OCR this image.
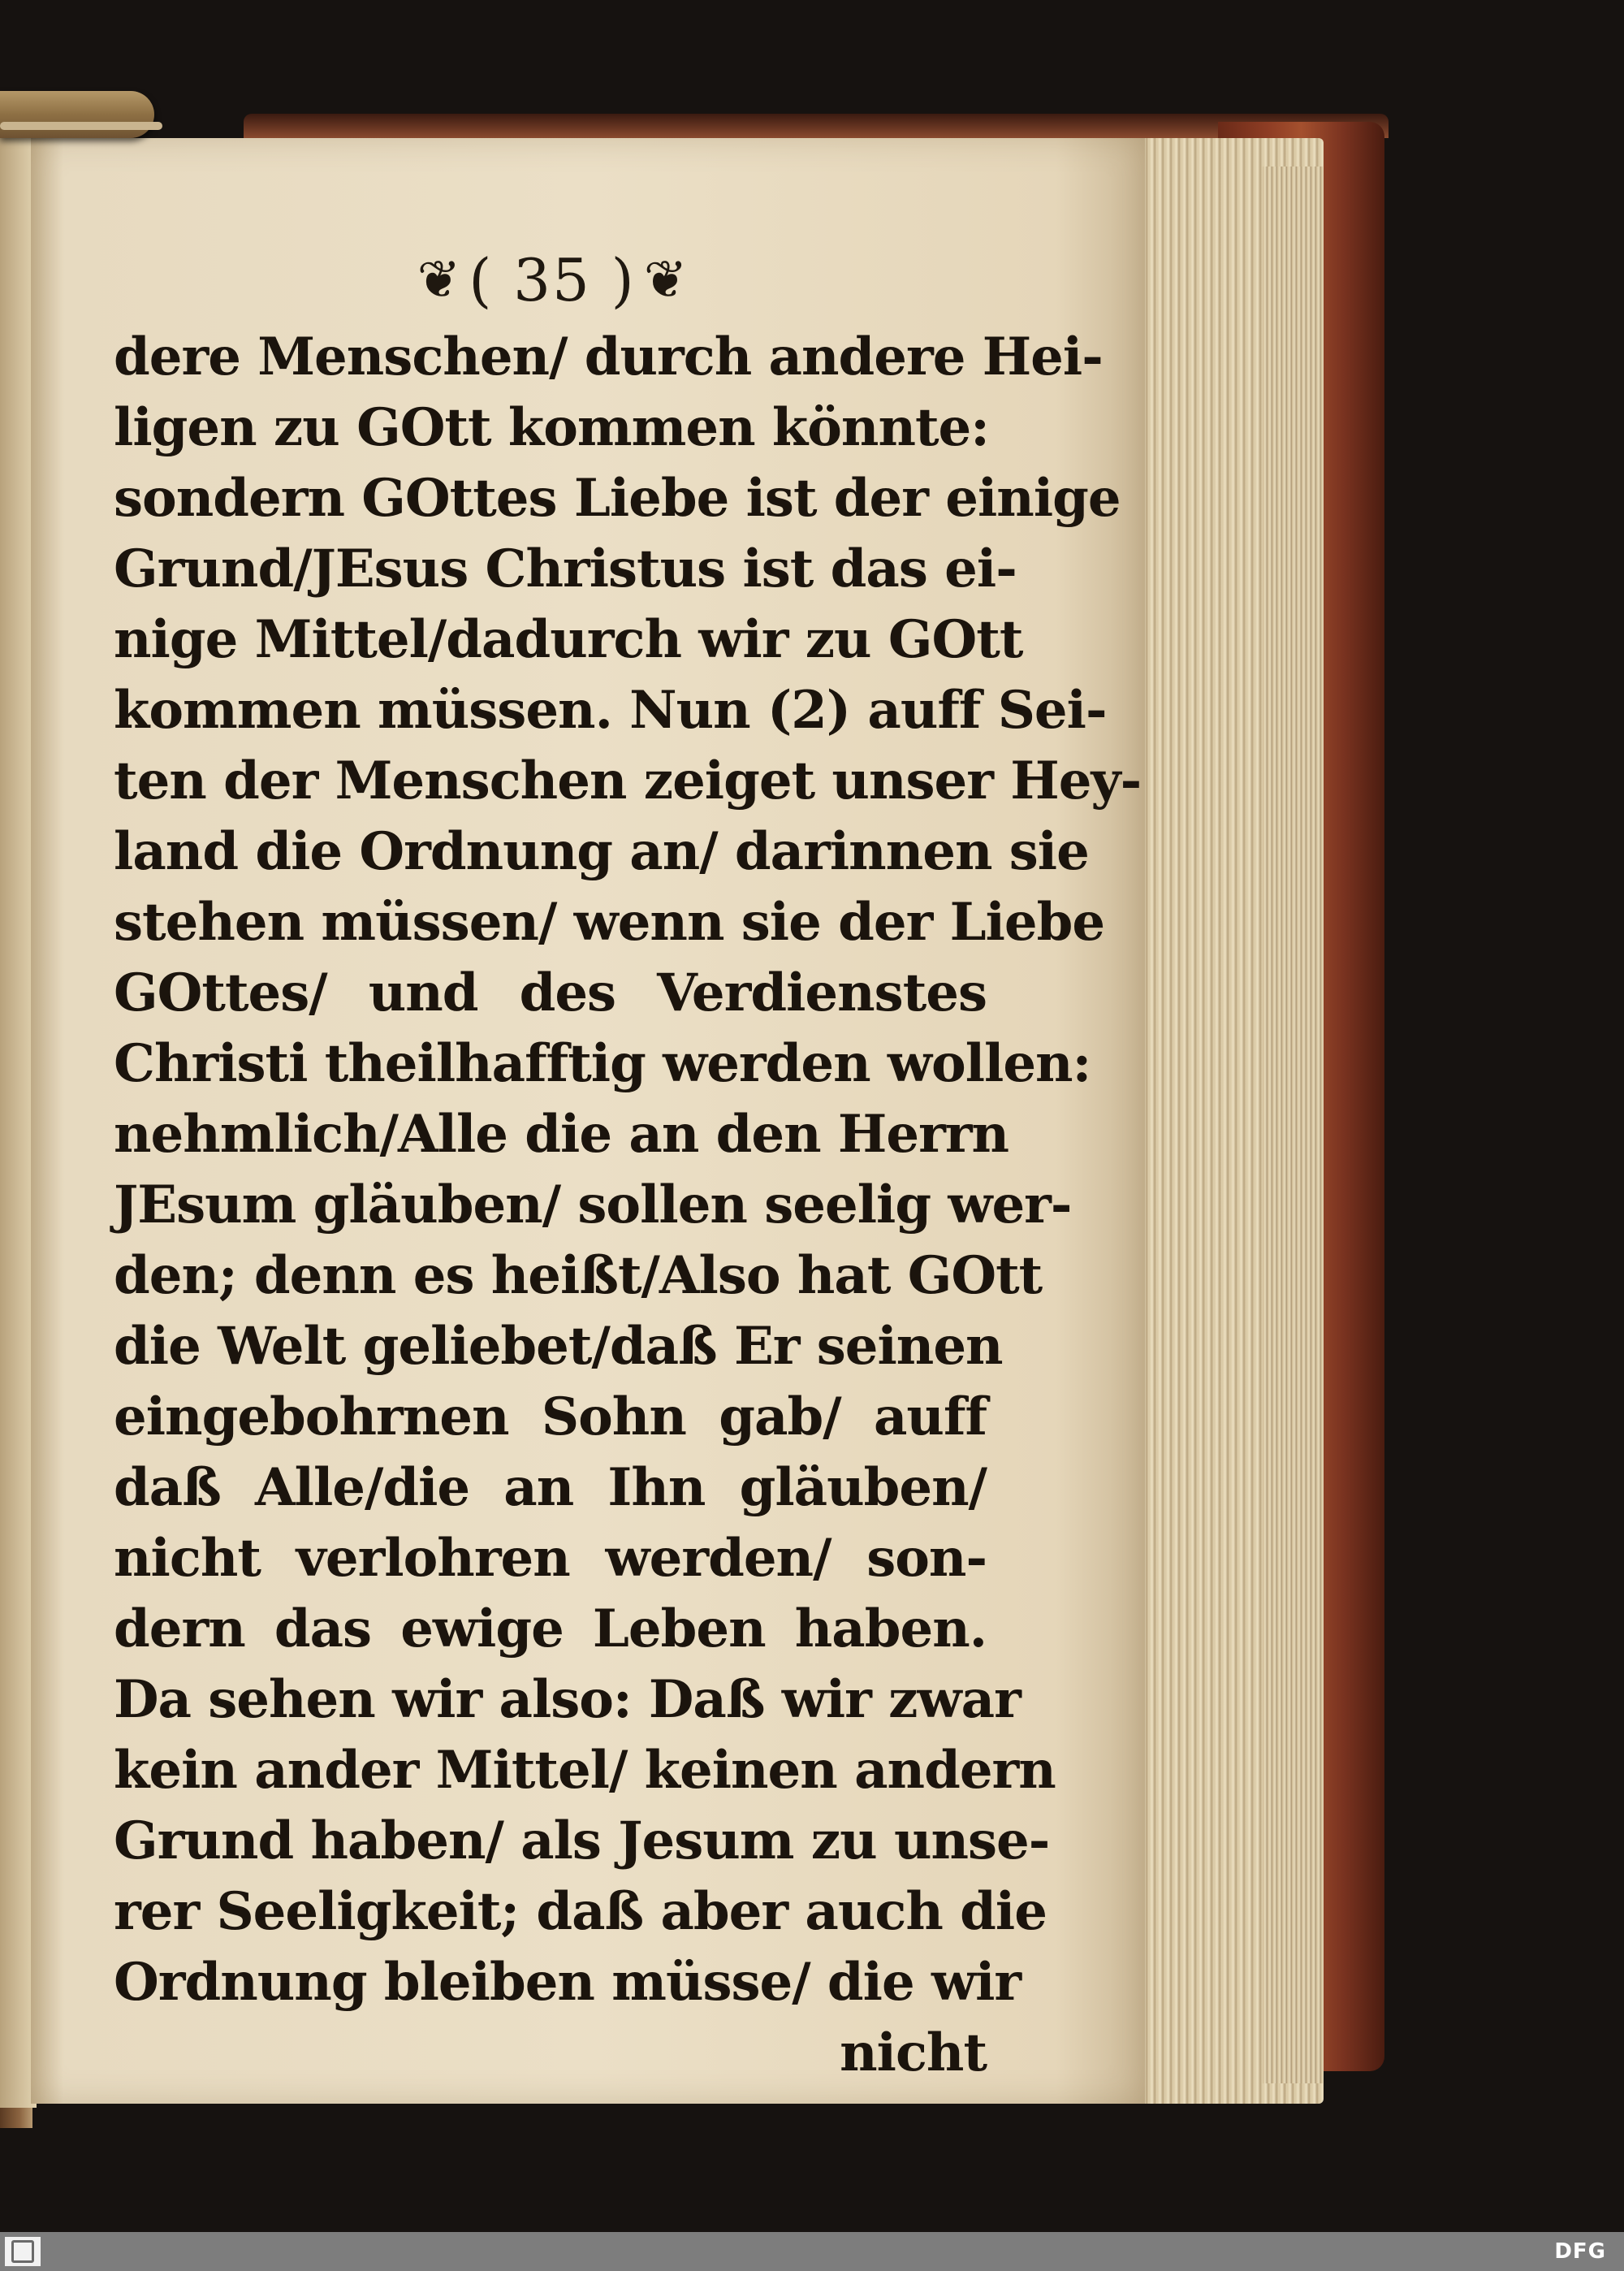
❦ ( 35 ) ❦
dere Menschen/ durch andere Hei-
ligen zu GOtt kommen könnte:
sondern GOttes Liebe ist der einige
Grund/JEsus Christus ist das ei-
nige Mittel/dadurch wir zu GOtt
kommen müssen. Nun (2) auff Sei-
ten der Menschen zeiget unser Hey-
land die Ordnung an/ darinnen sie
stehen müssen/ wenn sie der Liebe
GOttes/ und des Verdienstes
Christi theilhafftig werden wollen:
nehmlich/Alle die an den Herrn
JEsum gläuben/ sollen seelig wer-
den; denn es heißt/Also hat GOtt
die Welt geliebet/daß Er seinen
eingebohrnen Sohn gab/ auff
daß Alle/die an Ihn gläuben/
nicht verlohren werden/ son-
dern das ewige Leben haben.
Da sehen wir also: Daß wir zwar
kein ander Mittel/ keinen andern
Grund haben/ als Jesum zu unse-
rer Seeligkeit; daß aber auch die
Ordnung bleiben müsse/ die wir
nicht
DFG
